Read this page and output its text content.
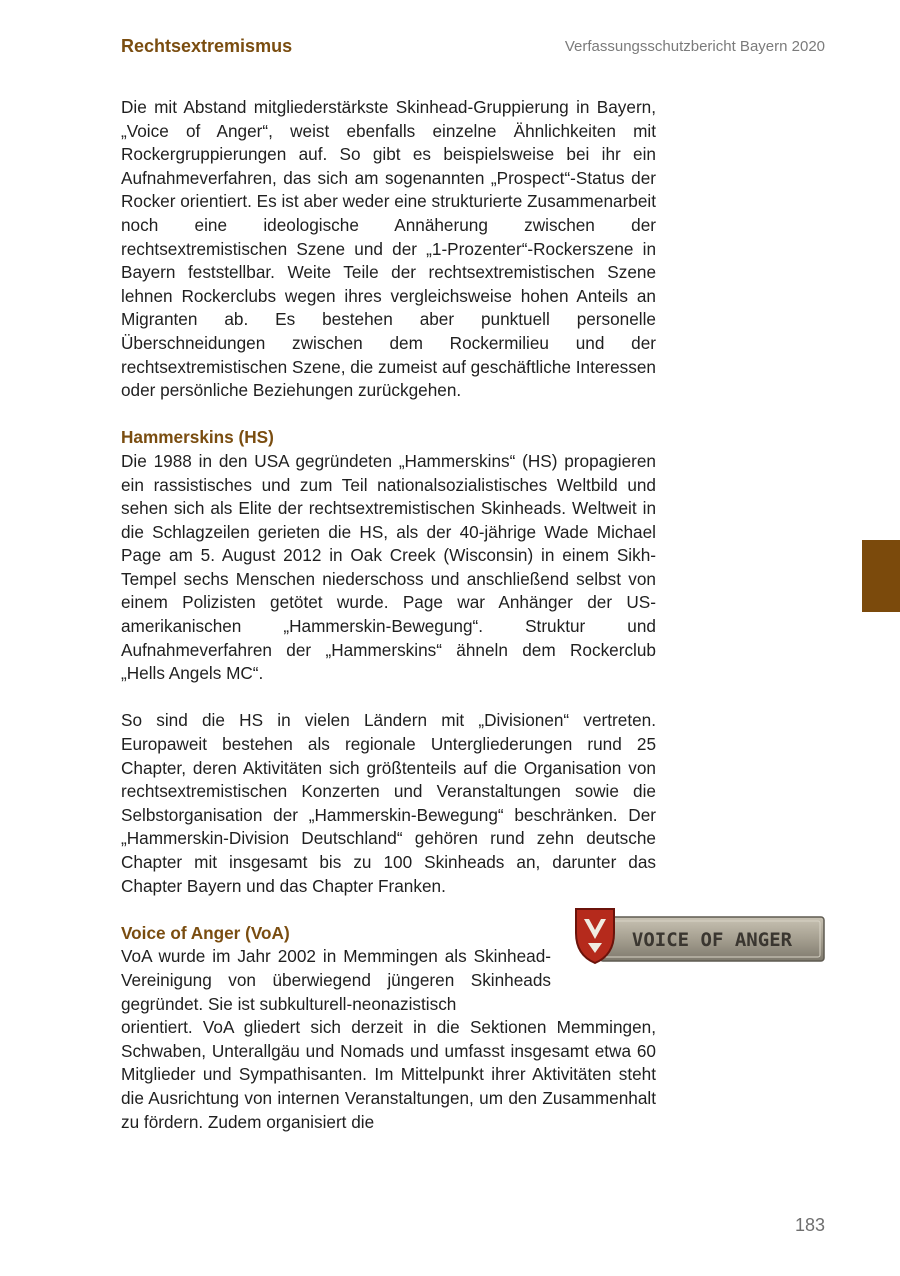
Rechtsextremismus	Verfassungsschutzbericht Bayern 2020

Die mit Abstand mitgliederstärkste Skinhead-Gruppierung in Bayern, „Voice of Anger“, weist ebenfalls einzelne Ähnlichkeiten mit Rockergruppierungen auf. So gibt es beispielsweise bei ihr ein Aufnahmeverfahren, das sich am sogenannten „Prospect“-Status der Rocker orientiert. Es ist aber weder eine strukturierte Zusammenarbeit noch eine ideologische Annäherung zwischen der rechtsextremistischen Szene und der „1-Prozenter“-Rockerszene in Bayern feststellbar. Weite Teile der rechtsextremistischen Szene lehnen Rockerclubs wegen ihres vergleichsweise hohen Anteils an Migranten ab. Es bestehen aber punktuell personelle Überschneidungen zwischen dem Rockermilieu und der rechtsextremistischen Szene, die zumeist auf geschäftliche Interessen oder persönliche Beziehungen zurückgehen.

Hammerskins (HS)

Die 1988 in den USA gegründeten „Hammerskins“ (HS) propagieren ein rassistisches und zum Teil nationalsozialistisches Weltbild und sehen sich als Elite der rechtsextremistischen Skinheads. Weltweit in die Schlagzeilen gerieten die HS, als der 40-jährige Wade Michael Page am 5. August 2012 in Oak Creek (Wisconsin) in einem Sikh-Tempel sechs Menschen niederschoss und anschließend selbst von einem Polizisten getötet wurde. Page war Anhänger der US-amerikanischen „Hammerskin-Bewegung“. Struktur und Aufnahmeverfahren der „Hammerskins“ ähneln dem Rockerclub „Hells Angels MC“.

So sind die HS in vielen Ländern mit „Divisionen“ vertreten. Europaweit bestehen als regionale Untergliederungen rund 25 Chapter, deren Aktivitäten sich größtenteils auf die Organisation von rechtsextremistischen Konzerten und Veranstaltungen sowie die Selbstorganisation der „Hammerskin-Bewegung“ beschränken. Der „Hammerskin-Division Deutschland“ gehören rund zehn deutsche Chapter mit insgesamt bis zu 100 Skinheads an, darunter das Chapter Bayern und das Chapter Franken.

Voice of Anger (VoA)

VoA wurde im Jahr 2002 in Memmingen als Skinhead-Vereinigung von überwiegend jüngeren Skinheads gegründet. Sie ist subkulturell-neonazistisch

orientiert. VoA gliedert sich derzeit in die Sektionen Memmingen, Schwaben, Unterallgäu und Nomads und umfasst insgesamt etwa 60 Mitglieder und Sympathisanten. Im Mittelpunkt ihrer Aktivitäten steht die Ausrichtung von internen Veranstaltungen, um den Zusammenhalt zu fördern. Zudem organisiert die

VOICE OF ANGER
183
